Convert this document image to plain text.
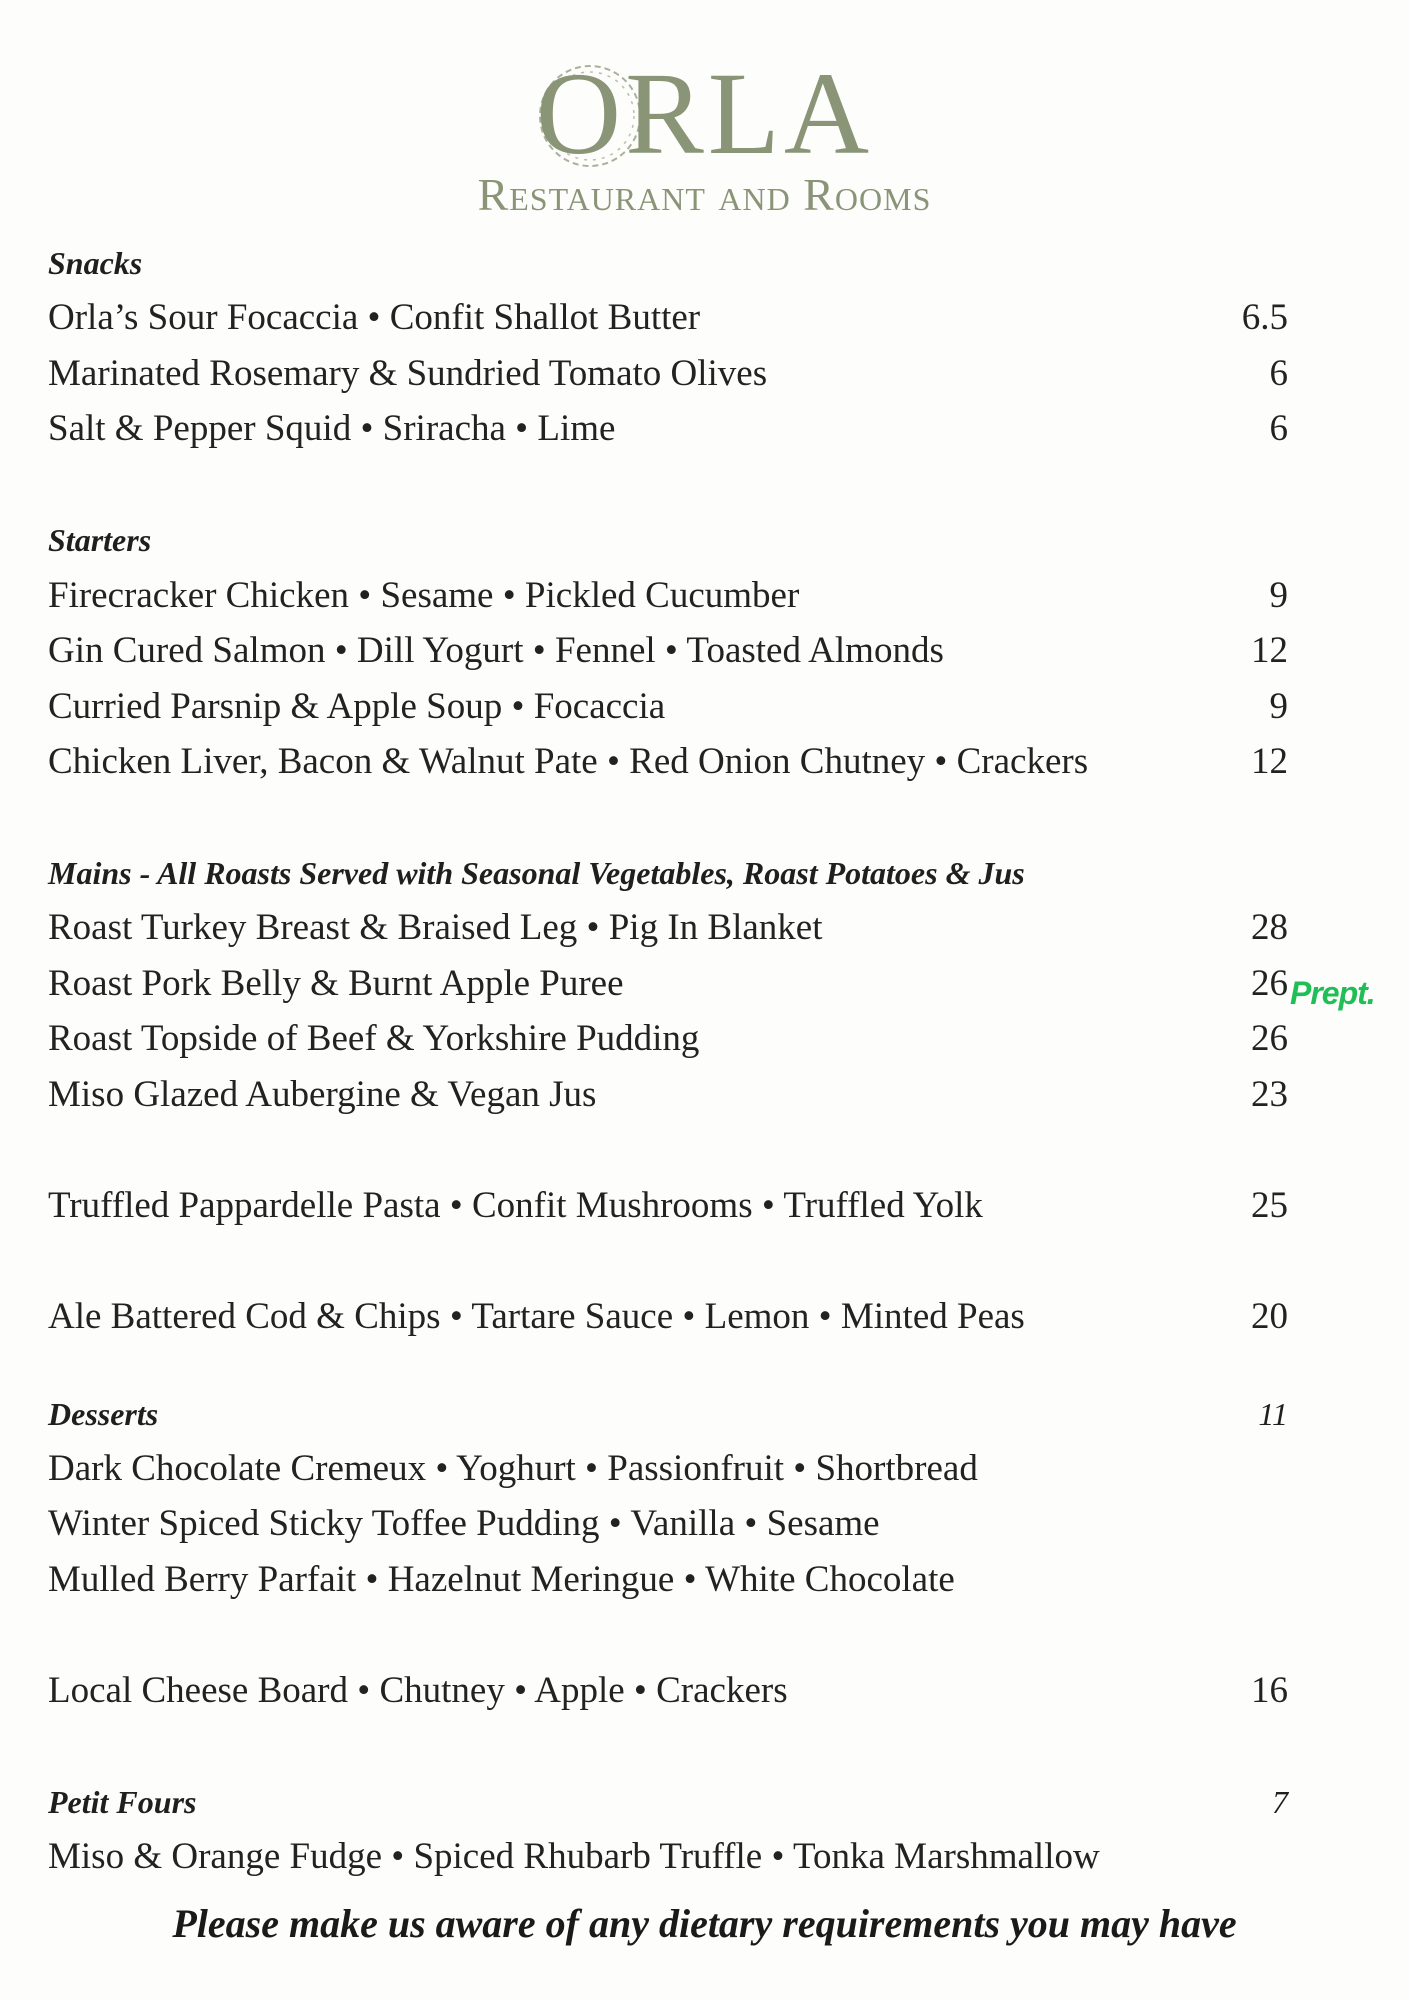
ORLA
Restaurant and Rooms
Snacks
Orla’s Sour Focaccia • Confit Shallot Butter	6.5
Marinated Rosemary & Sundried Tomato Olives	6
Salt & Pepper Squid • Sriracha • Lime	6
Starters
Firecracker Chicken • Sesame • Pickled Cucumber	9
Gin Cured Salmon • Dill Yogurt • Fennel • Toasted Almonds	12
Curried Parsnip & Apple Soup • Focaccia	9
Chicken Liver, Bacon & Walnut Pate • Red Onion Chutney • Crackers	12
Mains - All Roasts Served with Seasonal Vegetables, Roast Potatoes & Jus
Roast Turkey Breast & Braised Leg • Pig In Blanket	28
Roast Pork Belly & Burnt Apple Puree	26
Roast Topside of Beef & Yorkshire Pudding	26
Miso Glazed Aubergine & Vegan Jus	23
Truffled Pappardelle Pasta • Confit Mushrooms • Truffled Yolk	25
Ale Battered Cod & Chips • Tartare Sauce • Lemon • Minted Peas	20
Desserts	11
Dark Chocolate Cremeux • Yoghurt • Passionfruit • Shortbread
Winter Spiced Sticky Toffee Pudding • Vanilla • Sesame
Mulled Berry Parfait • Hazelnut Meringue • White Chocolate
Local Cheese Board • Chutney • Apple • Crackers	16
Petit Fours	7
Miso & Orange Fudge • Spiced Rhubarb Truffle • Tonka Marshmallow
Prept.
Please make us aware of any dietary requirements you may have
